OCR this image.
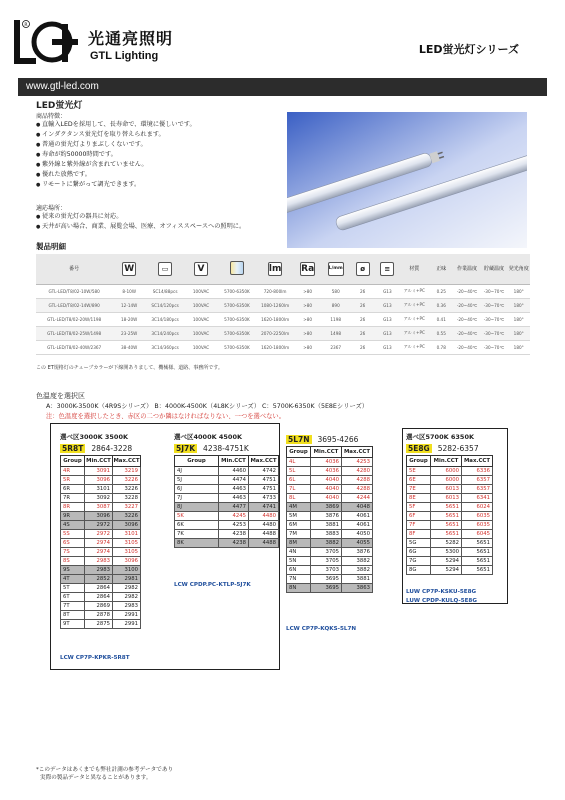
R
光通亮照明
GTL Lighting	LED蛍光灯シリーズ
www.gtl-led.com
LED蛍光灯
商品特徴：
● 直輸入LEDを採用して、長寿命で、環境に優しいです。
● インダクタンス蛍光灯を取り替えられます。
● 普通の蛍光灯よりまぶしくないです。
● 寿命が約50000時間です。
● 紫外線と紫外線が含まれていません。
● 優れた放熱です。
● リモートに繋がって調光できます。
適応場所：
● 従来の蛍光灯の器具に対応。
● 天井が高い場合、商業、展覧会場、医療、オフィススペースへの照明に。
製品明細
番号	W	▭	V		lm	Ra	L/mm	ø	≡	材質	正味	作業温度	貯蔵温度	発光角度
GTL-LED/T8/02-10W/580	8-10W	SC14/88pcs	100VAC	5700-6350K	720-800lm	>80	580	26	G13	アルミ+PC	0.25	-20~40℃	-30~70℃	180°
GTL-LED/T8/02-14W/890	12-14W	SC14/120pcs	100VAC	5700-6350K	1080-1260lm	>80	890	26	G13	アルミ+PC	0.36	-20~40℃	-30~70℃	180°
GTL-LED/T8/02-20W/1198	18-20W	3C14/180pcs	100VAC	5700-6350K	1620-1800lm	>80	1198	26	G13	アルミ+PC	0.41	-20~40℃	-30~70℃	180°
GTL-LED/T8/02-25W/1498	23-25W	3C14/240pcs	100VAC	5700-6350K	2070-2250lm	>80	1498	26	G13	アルミ+PC	0.55	-20~40℃	-30~70℃	180°
GTL-LED/T8/02-40W/2367	38-40W	3C14/360pcs	100VAC	5700-6350K	1620-1800lm	>80	2367	26	G13	アルミ+PC	0.78	-20~40℃	-30~70℃	180°
この ET規格灯のチューブカラーが下線開ありまして、機械様、道路、事務所です。
色温度を選択区
A：3000K-3500K（4R9Sシリーズ） B：4000K-4500K（4L8Kシリーズ） C：5700K-6350K（5E8Eシリーズ）
注：色温度を選択したとき、赤区の二つか隣はなければなりない、一つを選べない。
選べ区3000K 3500K
5R8T 2864-3228
Group	Min.CCT	Max.CCT
4R	3091	3219
5R	3096	3226
6R	3101	3226
7R	3092	3228
8R	3087	3227
9R	3096	3226
4S	2972	3096
5S	2972	3101
6S	2974	3105
7S	2974	3105
8S	2983	3096
9S	2983	3100
4T	2852	2981
5T	2864	2982
6T	2864	2982
7T	2869	2983
8T	2878	2991
9T	2875	2991
LCW CP7P-KPKR-5R8T
選べ区4000K 4500K
5J7K 4238-4751K
Group	Min.CCT	Max.CCT
4J	4460	4742
5J	4474	4751
6J	4463	4751
7J	4463	4733
8J	4477	4741
5K	4245	4480
6K	4253	4480
7K	4238	4488
8K	4238	4488
LCW CPDP.PC-KTLP-5J7K
5L7N 3695-4266
Group	Min.CCT	Max.CCT
4L	4036	4253
5L	4036	4280
6L	4040	4288
7L	4040	4288
8L	4040	4244
4M	3869	4048
5M	3876	4061
6M	3881	4061
7M	3883	4050
8M	3882	4055
4N	3705	3876
5N	3705	3882
6N	3703	3882
7N	3695	3881
8N	3695	3863
LCW CP7P-KQKS-5L7N
選べ区5700K 6350K
5E8G 5282-6357
Group	Min.CCT	Max.CCT
5E	6000	6336
6E	6000	6357
7E	6013	6357
8E	6013	6341
5F	5651	6024
6F	5651	6035
7F	5651	6035
8F	5651	6045
5G	5282	5651
6G	5300	5651
7G	5294	5651
8G	5294	5651
LUW CP7P-KSKU-5E8G
LUW CPDP-KULQ-5E8G
*このデータはあくまでも弊社計測の参考データであり
実際の製品データと異なることがあります。
